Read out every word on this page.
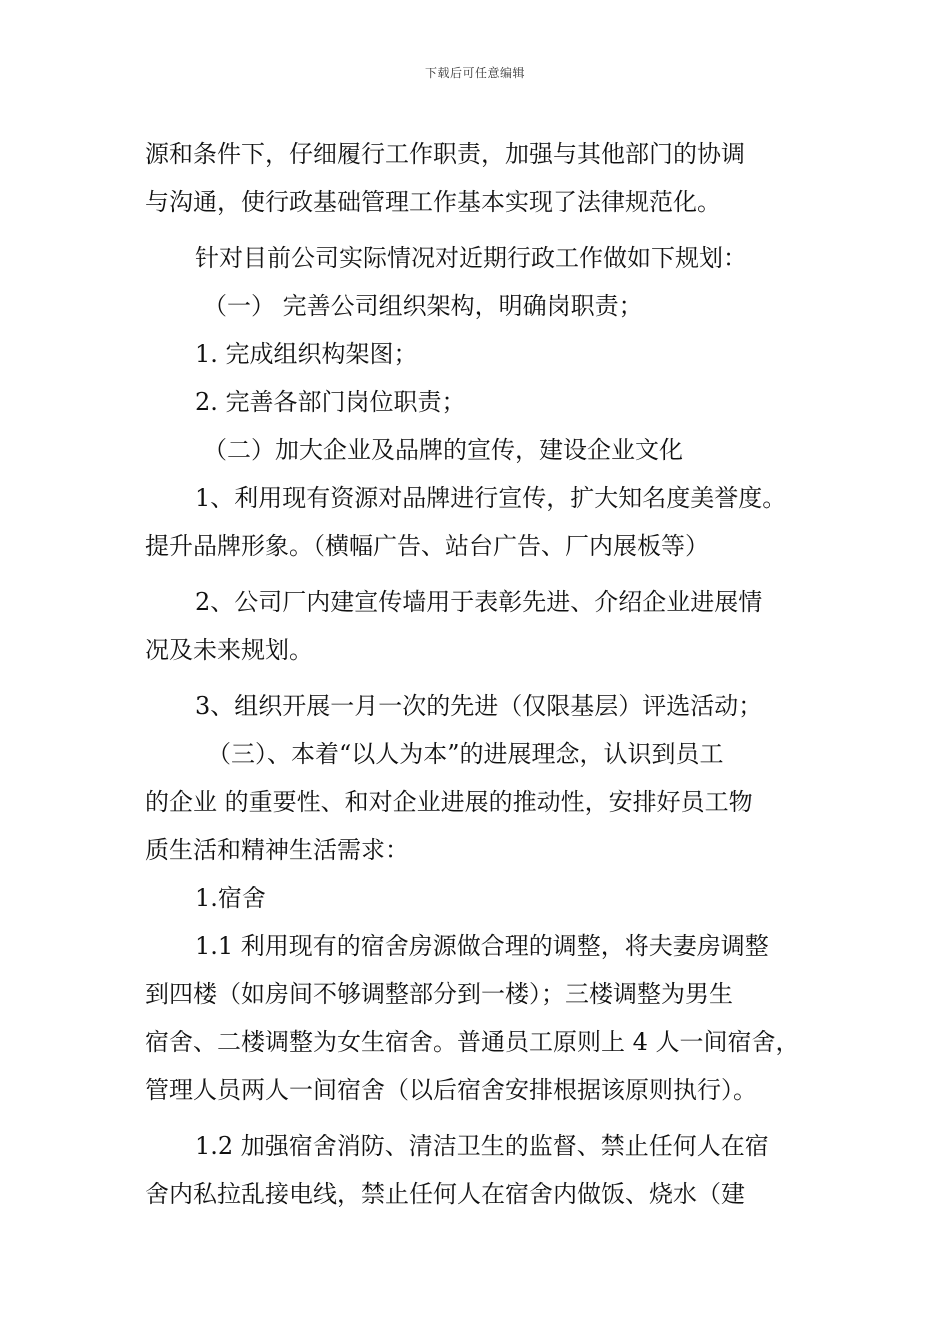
下载后可任意编辑
源和条件下，仔细履行工作职责，加强与其他部门的协调
与沟通，使行政基础管理工作基本实现了法律规范化。
针对目前公司实际情况对近期行政工作做如下规划：
（一） 完善公司组织架构，明确岗职责；
1. 完成组织构架图；
2. 完善各部门岗位职责；
（二）加大企业及品牌的宣传，建设企业文化
1、利用现有资源对品牌进行宣传，扩大知名度美誉度。
提升品牌形象。（横幅广告、站台广告、厂内展板等）
2、公司厂内建宣传墙用于表彰先进、介绍企业进展情
况及未来规划。
3、组织开展一月一次的先进（仅限基层）评选活动；
（三）、本着“以人为本”的进展理念，认识到员工
的企业 的重要性、和对企业进展的推动性，安排好员工物
质生活和精神生活需求：
1.宿舍
1.1 利用现有的宿舍房源做合理的调整，将夫妻房调整
到四楼（如房间不够调整部分到一楼）；三楼调整为男生
宿舍、二楼调整为女生宿舍。普通员工原则上 4 人一间宿舍，
管理人员两人一间宿舍（以后宿舍安排根据该原则执行）。
1.2 加强宿舍消防、清洁卫生的监督、禁止任何人在宿
舍内私拉乱接电线，禁止任何人在宿舍内做饭、烧水（建
